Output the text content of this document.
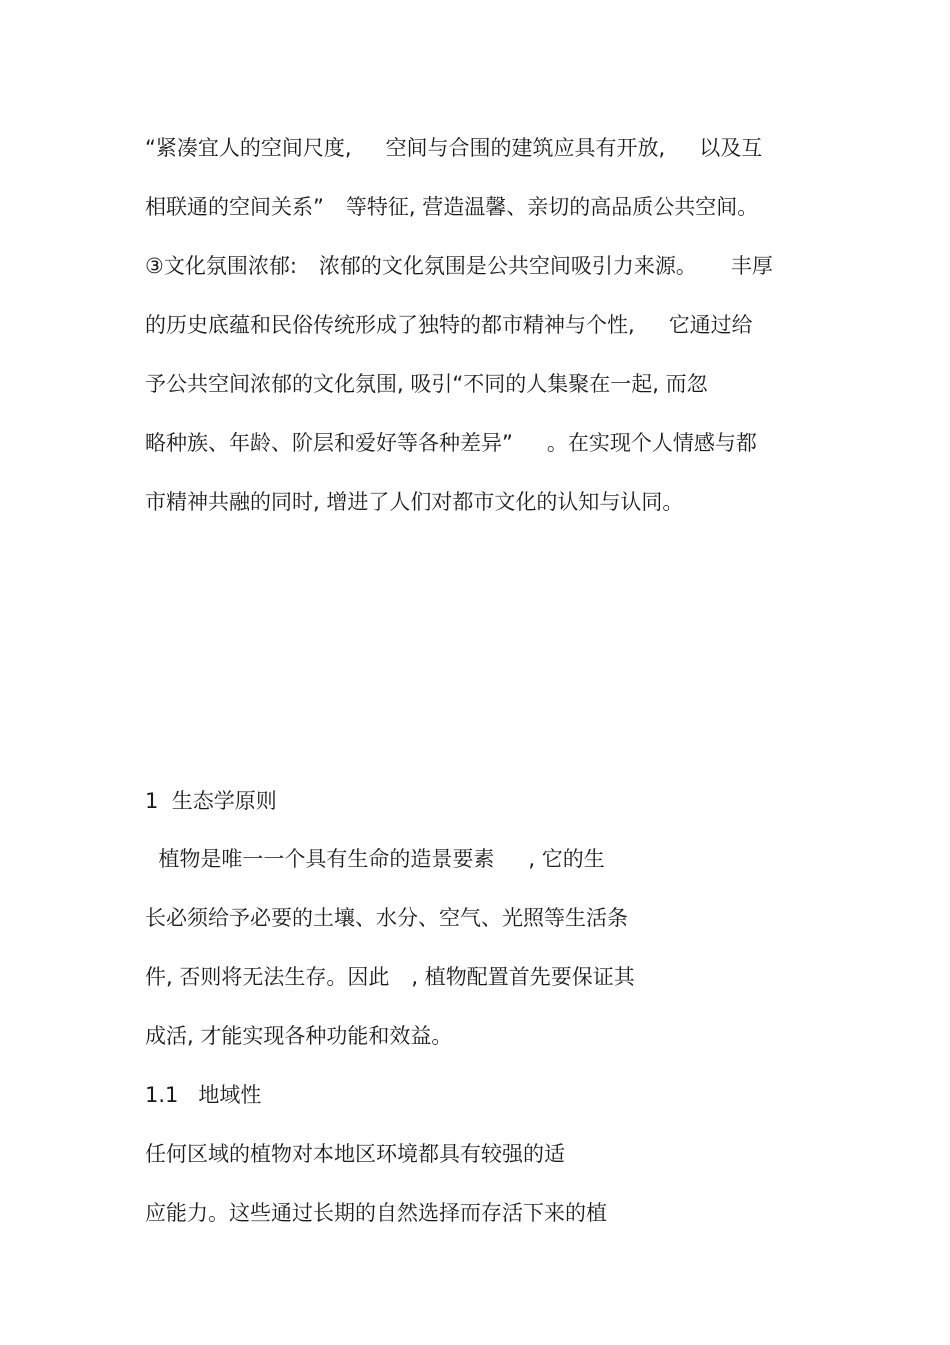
“紧凑宜人的空间尺度, 空间与合围的建筑应具有开放, 以及互
相联通的空间关系” 等特征, 营造温馨、亲切的高品质公共空间。
③文化氛围浓郁: 浓郁的文化氛围是公共空间吸引力来源。 丰厚
的历史底蕴和民俗传统形成了独特的都市精神与个性, 它通过给
予公共空间浓郁的文化氛围, 吸引“不同的人集聚在一起, 而忽
略种族、年龄、阶层和爱好等各种差异” 。在实现个人情感与都
市精神共融的同时, 增进了人们对都市文化的认知与认同。
1  生态学原则
植物是唯一一个具有生命的造景要素 , 它的生
长必须给予必要的土壤、水分、空气、光照等生活条
件, 否则将无法生存。因此 , 植物配置首先要保证其
成活, 才能实现各种功能和效益。
1.1   地域性
任何区域的植物对本地区环境都具有较强的适
应能力。这些通过长期的自然选择而存活下来的植
